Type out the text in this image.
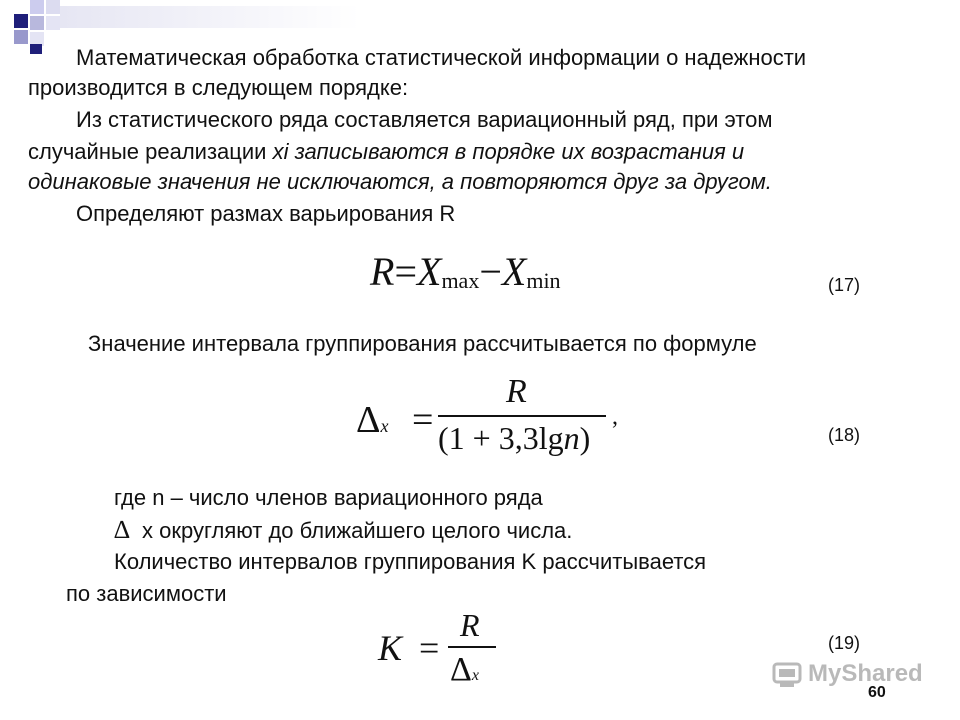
Математическая обработка статистической информации о надежности
производится в следующем порядке:
Из статистического ряда составляется вариационный ряд, при этом
случайные реализации xi записываются в порядке их возрастания и
одинаковые значения не исключаются, а повторяются друг за другом.
Определяют размах варьирования R
R=Xmax−Xmin	(17)
Значение интервала группирования рассчитывается по формуле
Δx =
R
(1 + 3,3lgn)
,
(18)
где n – число членов вариационного ряда
∆ x округляют до ближайшего целого числа.
Количество интервалов группирования K рассчитывается
по зависимости
K =
R
Δx
(19)
MyShared
60
